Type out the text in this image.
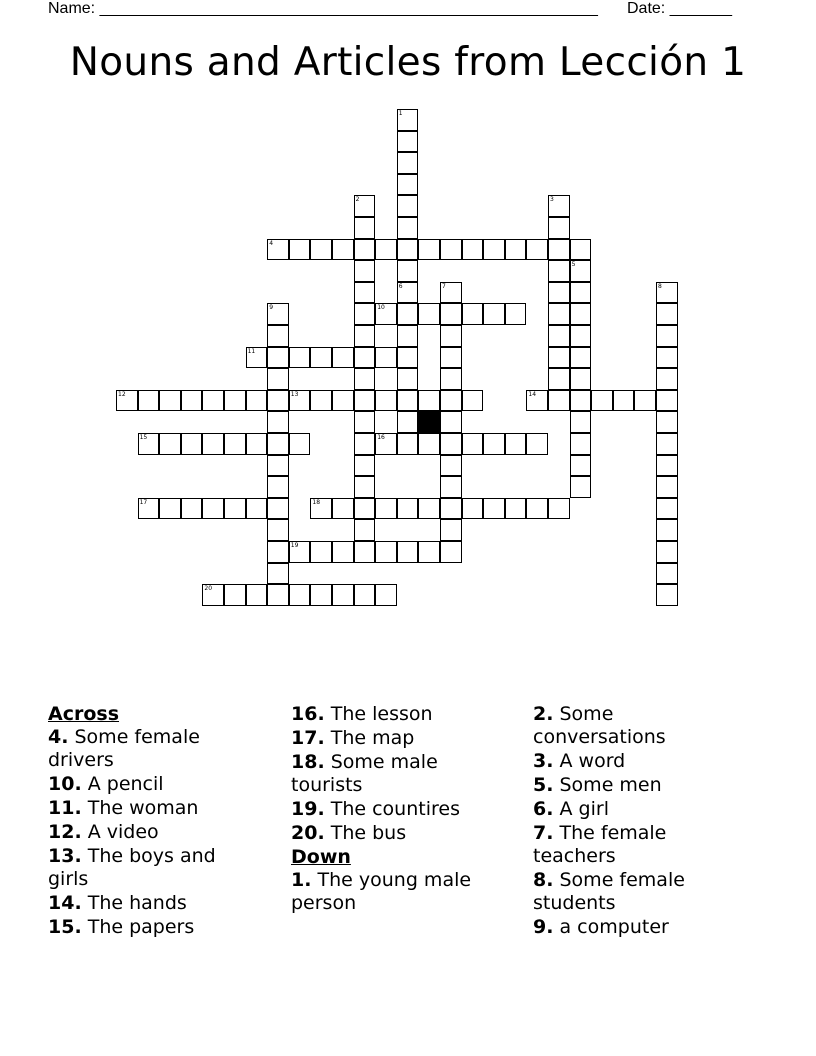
Name: ________________________________________________________ Date: _______
Nouns and Articles from Lección 1
1
6
2	3
4
5
7	8
9	10
11
12	13	14
15	16
17	18
19
20

Across

4. Some female drivers

10. A pencil

11. The woman

12. A video

13. The boys and girls

14. The hands

15. The papers

16. The lesson

17. The map

18. Some male tourists

19. The countires

20. The bus

Down

1. The young male person

2. Some conversations

3. A word

5. Some men

6. A girl

7. The female teachers

8. Some female students

9. a computer
